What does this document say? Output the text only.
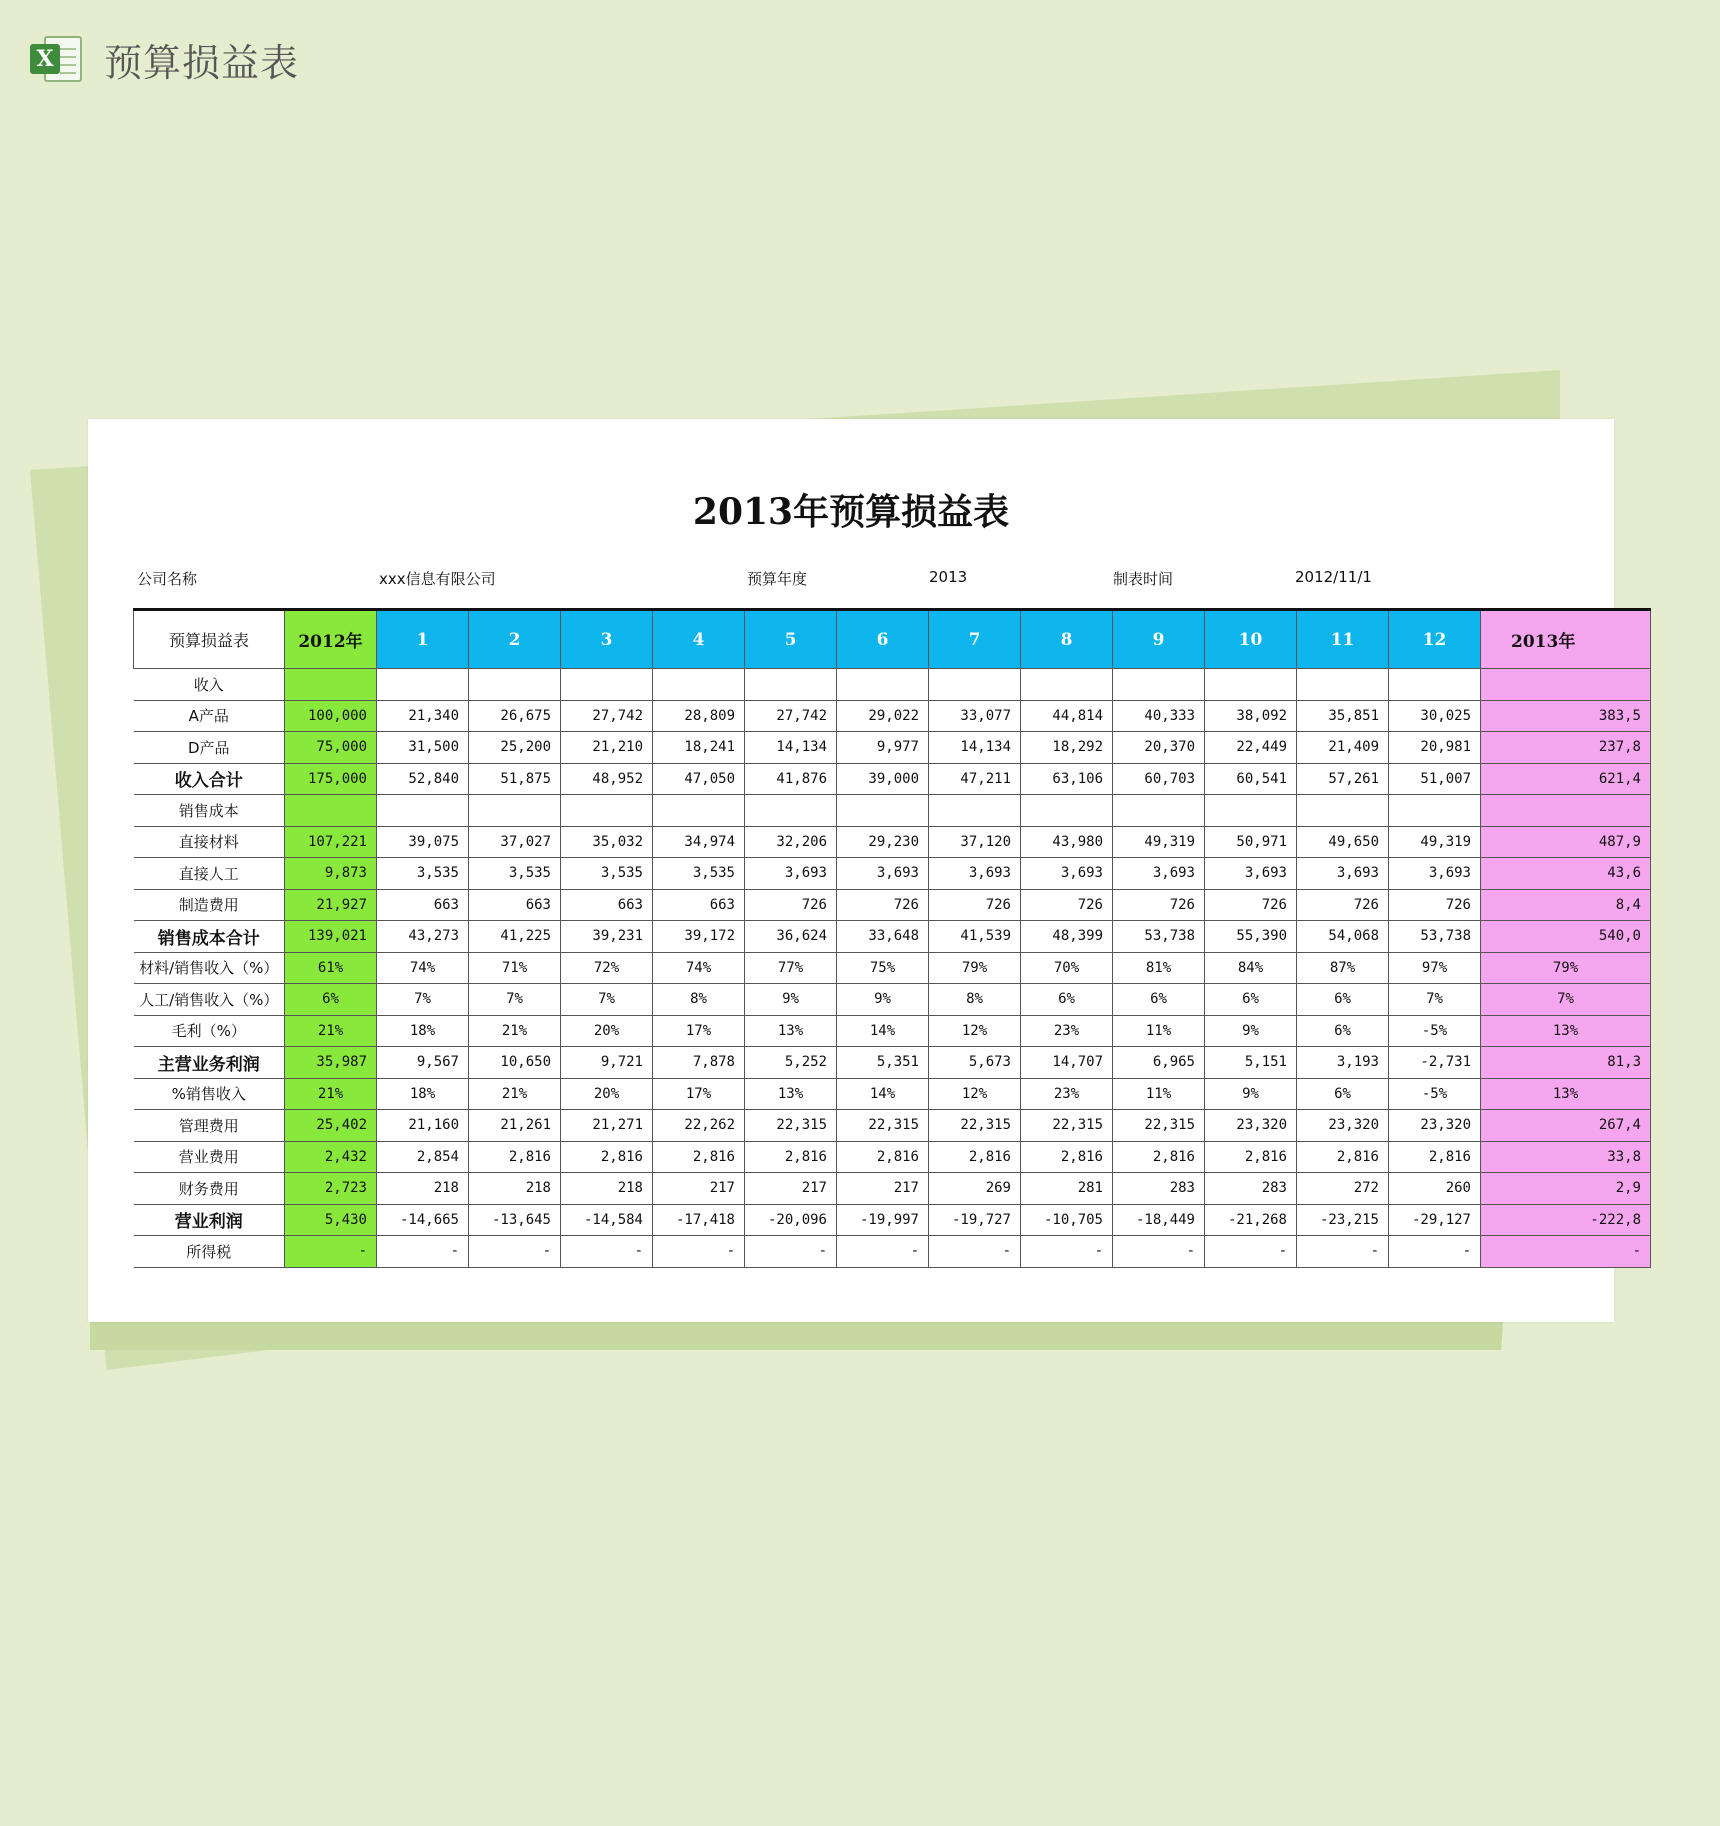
X 预算损益表
2013年预算损益表
公司名称	xxx信息有限公司	预算年度	2013	制表时间	2012/11/1
预算损益表	2012年	1	2	3	4	5	6	7	8	9	10	11	12	2013年
收入														
A产品	100,000	21,340	26,675	27,742	28,809	27,742	29,022	33,077	44,814	40,333	38,092	35,851	30,025	383,5
D产品	75,000	31,500	25,200	21,210	18,241	14,134	9,977	14,134	18,292	20,370	22,449	21,409	20,981	237,8
收入合计	175,000	52,840	51,875	48,952	47,050	41,876	39,000	47,211	63,106	60,703	60,541	57,261	51,007	621,4
销售成本														
直接材料	107,221	39,075	37,027	35,032	34,974	32,206	29,230	37,120	43,980	49,319	50,971	49,650	49,319	487,9
直接人工	9,873	3,535	3,535	3,535	3,535	3,693	3,693	3,693	3,693	3,693	3,693	3,693	3,693	43,6
制造费用	21,927	663	663	663	663	726	726	726	726	726	726	726	726	8,4
销售成本合计	139,021	43,273	41,225	39,231	39,172	36,624	33,648	41,539	48,399	53,738	55,390	54,068	53,738	540,0
材料/销售收入（%）	61%	74%	71%	72%	74%	77%	75%	79%	70%	81%	84%	87%	97%	79%
人工/销售收入（%）	6%	7%	7%	7%	8%	9%	9%	8%	6%	6%	6%	6%	7%	7%
毛利（%）	21%	18%	21%	20%	17%	13%	14%	12%	23%	11%	9%	6%	-5%	13%
主营业务利润	35,987	9,567	10,650	9,721	7,878	5,252	5,351	5,673	14,707	6,965	5,151	3,193	-2,731	81,3
%销售收入	21%	18%	21%	20%	17%	13%	14%	12%	23%	11%	9%	6%	-5%	13%
管理费用	25,402	21,160	21,261	21,271	22,262	22,315	22,315	22,315	22,315	22,315	23,320	23,320	23,320	267,4
营业费用	2,432	2,854	2,816	2,816	2,816	2,816	2,816	2,816	2,816	2,816	2,816	2,816	2,816	33,8
财务费用	2,723	218	218	218	217	217	217	269	281	283	283	272	260	2,9
营业利润	5,430	-14,665	-13,645	-14,584	-17,418	-20,096	-19,997	-19,727	-10,705	-18,449	-21,268	-23,215	-29,127	-222,8
所得税	-	-	-	-	-	-	-	-	-	-	-	-	-	-
